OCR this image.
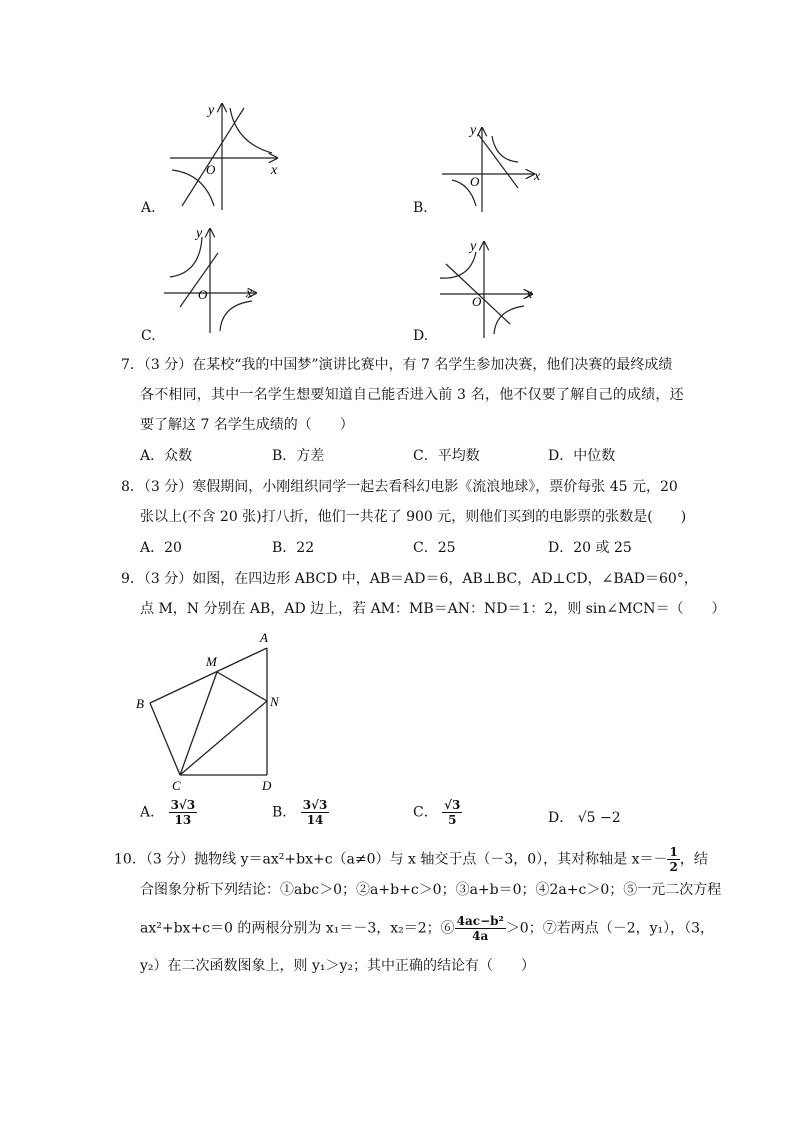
x
y
O
A.
x
y
O
B.
x
y
O
C.
x
y
O
D.
7．（3 分）在某校“我的中国梦”演讲比赛中，有 7 名学生参加决赛，他们决赛的最终成绩
各不相同，其中一名学生想要知道自己能否进入前 3 名，他不仅要了解自己的成绩，还
要了解这 7 名学生成绩的（　　）
A．众数	B．方差	C．平均数	D．中位数
8．（3 分）寒假期间，小刚组织同学一起去看科幻电影《流浪地球》，票价每张 45 元，20
张以上(不含 20 张)打八折，他们一共花了 900 元，则他们买到的电影票的张数是(　　)
A．20	B．22	C．25	D．20 或 25
9．（3 分）如图，在四边形 ABCD 中，AB＝AD＝6，AB⊥BC，AD⊥CD，∠BAD＝60°，
点 M，N 分别在 AB，AD 边上，若 AM：MB＝AN：ND＝1：2，则 sin∠MCN＝（　　）
A
M
B	N
C	D
A． $\frac{3√3}{13}$	B． $\frac{3√3}{14}$	C． $\frac{√3}{5}$	D． √5 −2
10．（3 分）抛物线 y＝ax²+bx+c（a≠0）与 x 轴交于点（－3，0），其对称轴是 $x=- \frac{1}{2}$ ，结
合图象分析下列结论：①abc＞0；②a+b+c＞0；③a+b＝0；④2a+c＞0；⑤一元二次方程
ax²+bx+c＝0 的两根分别为 x₁＝－3，x₂＝2；⑥ $\frac{\text{4ac−b²}}{4a} >0$；⑦若两点（－2，y₁），（3，
y₂）在二次函数图象上，则 y₁＞y₂；其中正确的结论有（　　）
